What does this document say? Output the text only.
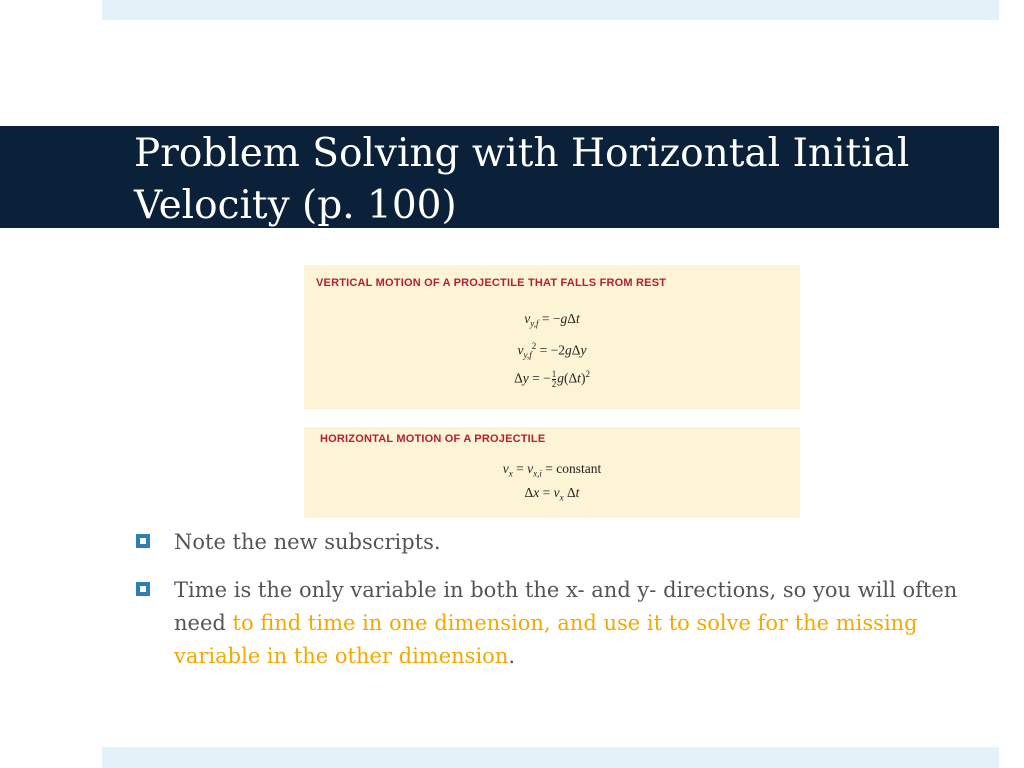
Problem Solving with Horizontal Initial
Velocity (p. 100)
VERTICAL MOTION OF A PROJECTILE THAT FALLS FROM REST
$v_{y,f} = -g\Delta t$
$v_{y,f}^2 = -2g\Delta y$
Δy = − $\frac{1}{2} g(\Delta t)^2$
HORIZONTAL MOTION OF A PROJECTILE
$v_x = v_{x,i}$ = constant
$\Delta x = v_x$ Δt
Note the new subscripts.
Time is the only variable in both the x- and y- directions, so you will often need to find time in one dimension, and use it to solve for the missing variable in the other dimension.
